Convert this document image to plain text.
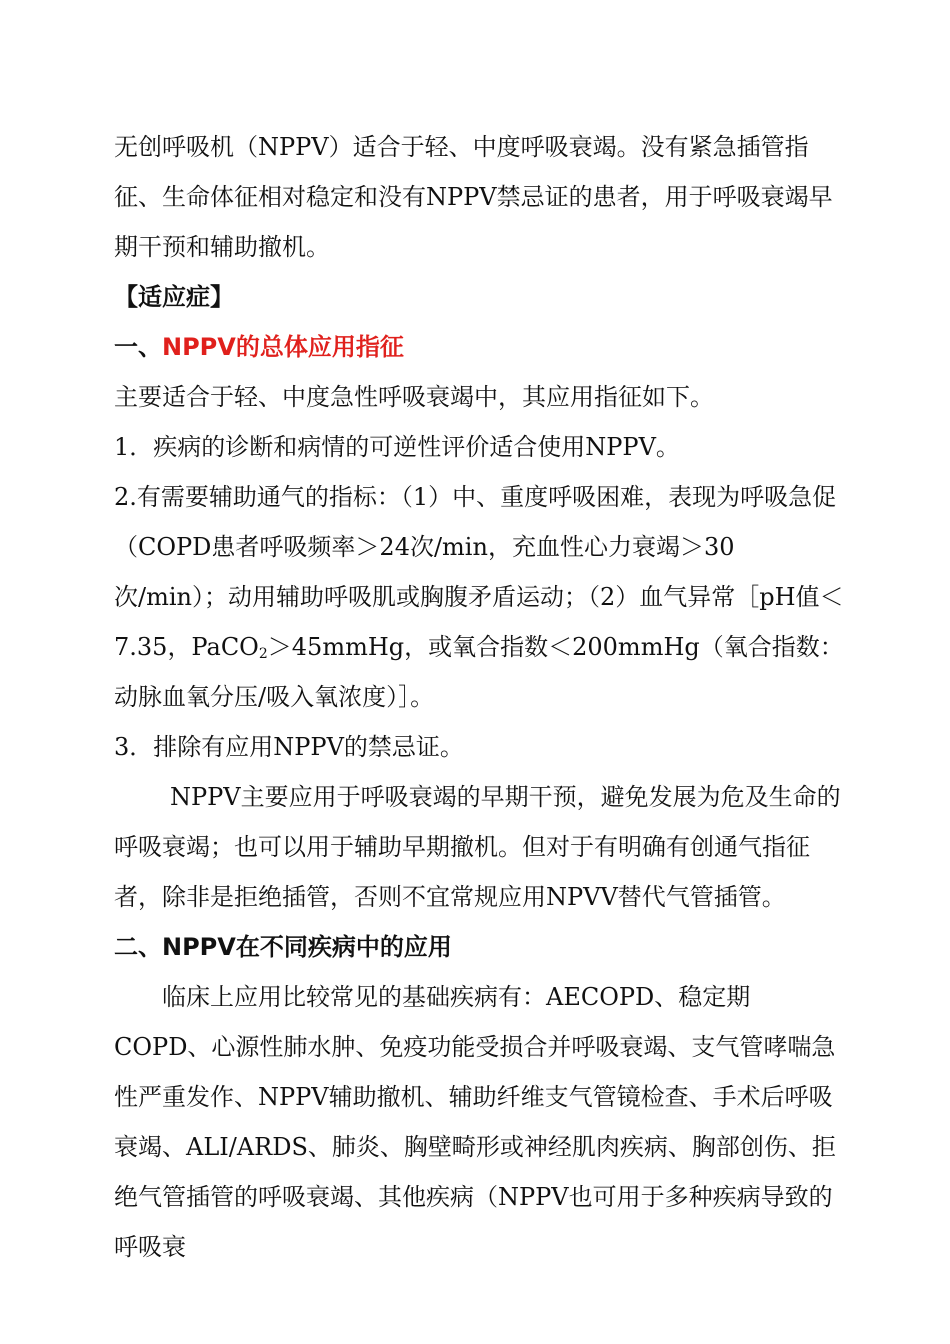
无创呼吸机（NPPV）适合于轻、中度呼吸衰竭。没有紧急插管指征、生命体征相对稳定和没有NPPV禁忌证的患者，用于呼吸衰竭早期干预和辅助撤机。

【适应症】

一、NPPV的总体应用指征

主要适合于轻、中度急性呼吸衰竭中，其应用指征如下。

1．疾病的诊断和病情的可逆性评价适合使用NPPV。

2.有需要辅助通气的指标：（1）中、重度呼吸困难，表现为呼吸急促（COPD患者呼吸频率＞24次/min，充血性心力衰竭＞30次/min）；动用辅助呼吸肌或胸腹矛盾运动；（2）血气异常［pH值＜7.35，PaCO$_2$＞45mmHg，或氧合指数＜200mmHg（氧合指数：动脉血氧分压/吸入氧浓度）］。

3．排除有应用NPPV的禁忌证。

NPPV主要应用于呼吸衰竭的早期干预，避免发展为危及生命的呼吸衰竭；也可以用于辅助早期撤机。但对于有明确有创通气指征者，除非是拒绝插管，否则不宜常规应用NPVV替代气管插管。

二、NPPV在不同疾病中的应用

临床上应用比较常见的基础疾病有：AECOPD、稳定期COPD、心源性肺水肿、免疫功能受损合并呼吸衰竭、支气管哮喘急性严重发作、NPPV辅助撤机、辅助纤维支气管镜检查、手术后呼吸衰竭、ALI/ARDS、肺炎、胸壁畸形或神经肌肉疾病、胸部创伤、拒绝气管插管的呼吸衰竭、其他疾病（NPPV也可用于多种疾病导致的呼吸衰
